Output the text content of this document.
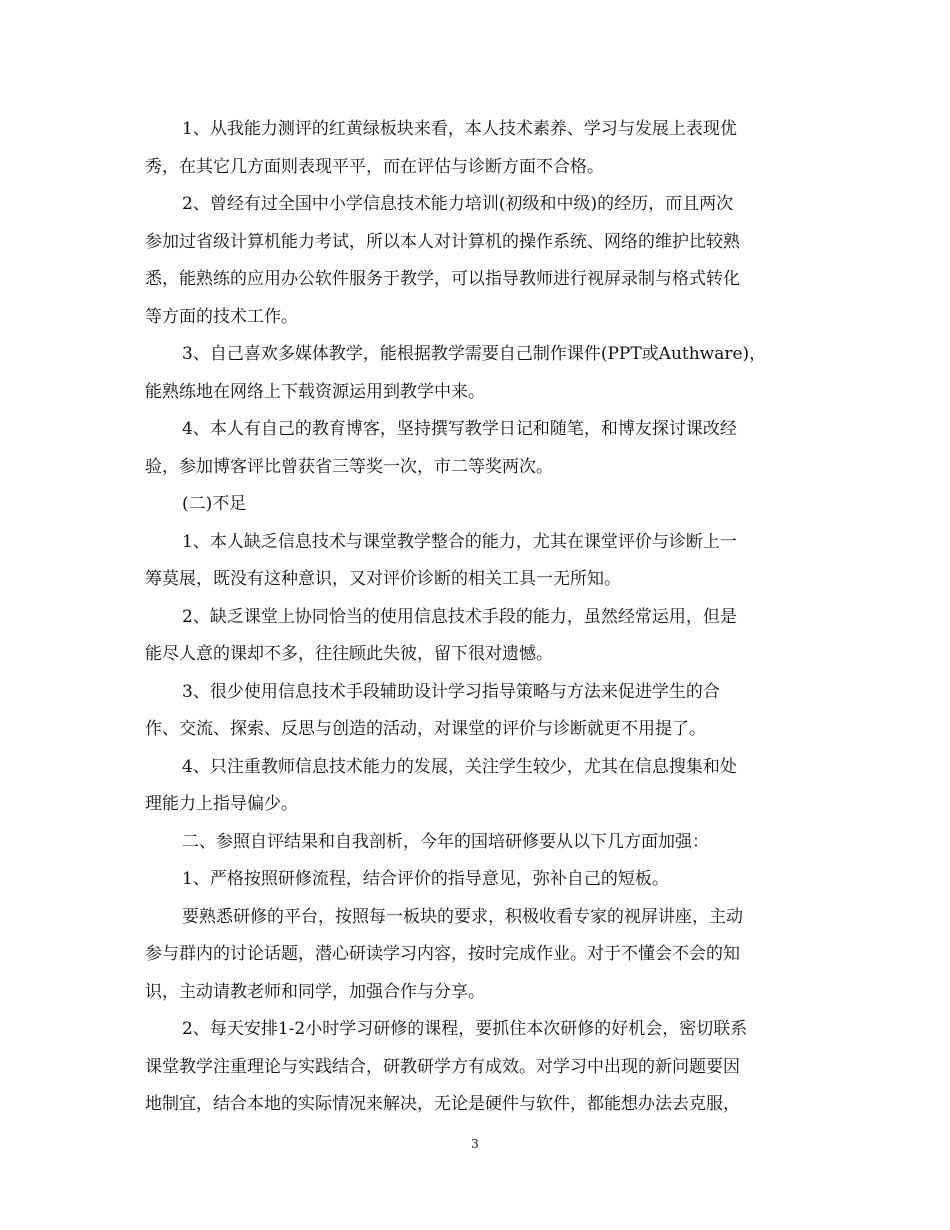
1、从我能力测评的红黄绿板块来看，本人技术素养、学习与发展上表现优
秀，在其它几方面则表现平平，而在评估与诊断方面不合格。
2、曾经有过全国中小学信息技术能力培训(初级和中级)的经历，而且两次
参加过省级计算机能力考试，所以本人对计算机的操作系统、网络的维护比较熟
悉，能熟练的应用办公软件服务于教学，可以指导教师进行视屏录制与格式转化
等方面的技术工作。
3、自己喜欢多媒体教学，能根据教学需要自己制作课件(PPT或Authware)，
能熟练地在网络上下载资源运用到教学中来。
4、本人有自己的教育博客，坚持撰写教学日记和随笔，和博友探讨课改经
验，参加博客评比曾获省三等奖一次，市二等奖两次。
(二)不足
1、本人缺乏信息技术与课堂教学整合的能力，尤其在课堂评价与诊断上一
筹莫展，既没有这种意识，又对评价诊断的相关工具一无所知。
2、缺乏课堂上协同恰当的使用信息技术手段的能力，虽然经常运用，但是
能尽人意的课却不多，往往顾此失彼，留下很对遗憾。
3、很少使用信息技术手段辅助设计学习指导策略与方法来促进学生的合
作、交流、探索、反思与创造的活动，对课堂的评价与诊断就更不用提了。
4、只注重教师信息技术能力的发展，关注学生较少，尤其在信息搜集和处
理能力上指导偏少。
二、参照自评结果和自我剖析，今年的国培研修要从以下几方面加强：
1、严格按照研修流程，结合评价的指导意见，弥补自己的短板。
要熟悉研修的平台，按照每一板块的要求，积极收看专家的视屏讲座，主动
参与群内的讨论话题，潜心研读学习内容，按时完成作业。对于不懂会不会的知
识，主动请教老师和同学，加强合作与分享。
2、每天安排1-2小时学习研修的课程，要抓住本次研修的好机会，密切联系
课堂教学注重理论与实践结合，研教研学方有成效。对学习中出现的新问题要因
地制宜，结合本地的实际情况来解决，无论是硬件与软件，都能想办法去克服，
3
